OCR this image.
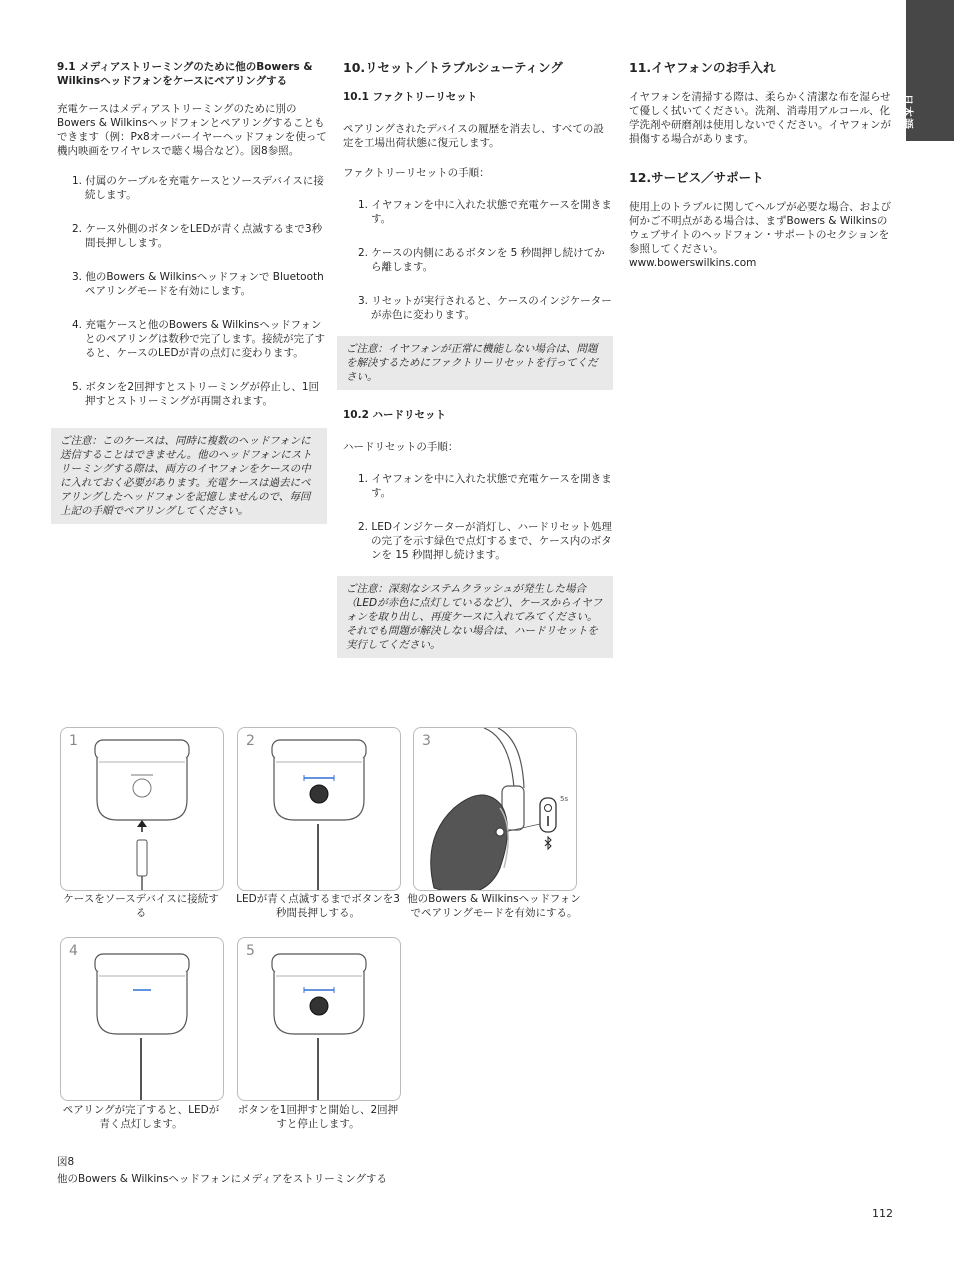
日本語
9.1 メディアストリーミングのために他のBowers & Wilkinsヘッドフォンをケースにペアリングする

充電ケースはメディアストリーミングのために別のBowers & Wilkinsヘッドフォンとペアリングすることもできます（例：Px8オーバーイヤーヘッドフォンを使って機内映画をワイヤレスで聴く場合など）。図8参照。

1. 付属のケーブルを充電ケースとソースデバイスに接続します。
2. ケース外側のボタンをLEDが青く点滅するまで3秒間長押しします。
3. 他のBowers & Wilkinsヘッドフォンで Bluetoothペアリングモードを有効にします。
4. 充電ケースと他のBowers & Wilkinsヘッドフォンとのペアリングは数秒で完了します。接続が完了すると、ケースのLEDが青の点灯に変わります。
5. ボタンを2回押すとストリーミングが停止し、1回押すとストリーミングが再開されます。
ご注意：このケースは、同時に複数のヘッドフォンに送信することはできません。他のヘッドフォンにストリーミングする際は、両方のイヤフォンをケースの中に入れておく必要があります。充電ケースは過去にペアリングしたヘッドフォンを記憶しませんので、毎回上記の手順でペアリングしてください。
10.リセット／トラブルシューティング
10.1 ファクトリーリセット

ペアリングされたデバイスの履歴を消去し、すべての設定を工場出荷状態に復元します。

ファクトリーリセットの手順：

1. イヤフォンを中に入れた状態で充電ケースを開きます。
2. ケースの内側にあるボタンを 5 秒間押し続けてから離します。
3. リセットが実行されると、ケースのインジケーターが赤色に変わります。
ご注意：イヤフォンが正常に機能しない場合は、問題を解決するためにファクトリーリセットを行ってください。
10.2 ハードリセット

ハードリセットの手順：

1. イヤフォンを中に入れた状態で充電ケースを開きます。
2. LEDインジケーターが消灯し、ハードリセット処理の完了を示す緑色で点灯するまで、ケース内のボタンを 15 秒間押し続けます。
ご注意：深刻なシステムクラッシュが発生した場合（LEDが赤色に点灯しているなど）、ケースからイヤフォンを取り出し、再度ケースに入れてみてください。それでも問題が解決しない場合は、ハードリセットを実行してください。
11.イヤフォンのお手入れ

イヤフォンを清掃する際は、柔らかく清潔な布を湿らせて優しく拭いてください。洗剤、消毒用アルコール、化学洗剤や研磨剤は使用しないでください。イヤフォンが損傷する場合があります。

12.サービス／サポート

使用上のトラブルに関してヘルプが必要な場合、および何かご不明点がある場合は、まずBowers & Wilkinsのウェブサイトのヘッドフォン・サポートのセクションを参照してください。
www.bowerswilkins.com

1
ケースをソースデバイスに接続する
2
LEDが青く点滅するまでボタンを3秒間長押しする。
3
5s
他のBowers & Wilkinsヘッドフォンでペアリングモードを有効にする。
4
ペアリングが完了すると、LEDが青く点灯します。
5
ボタンを1回押すと開始し、2回押すと停止します。
図8
他のBowers & Wilkinsヘッドフォンにメディアをストリーミングする
112
